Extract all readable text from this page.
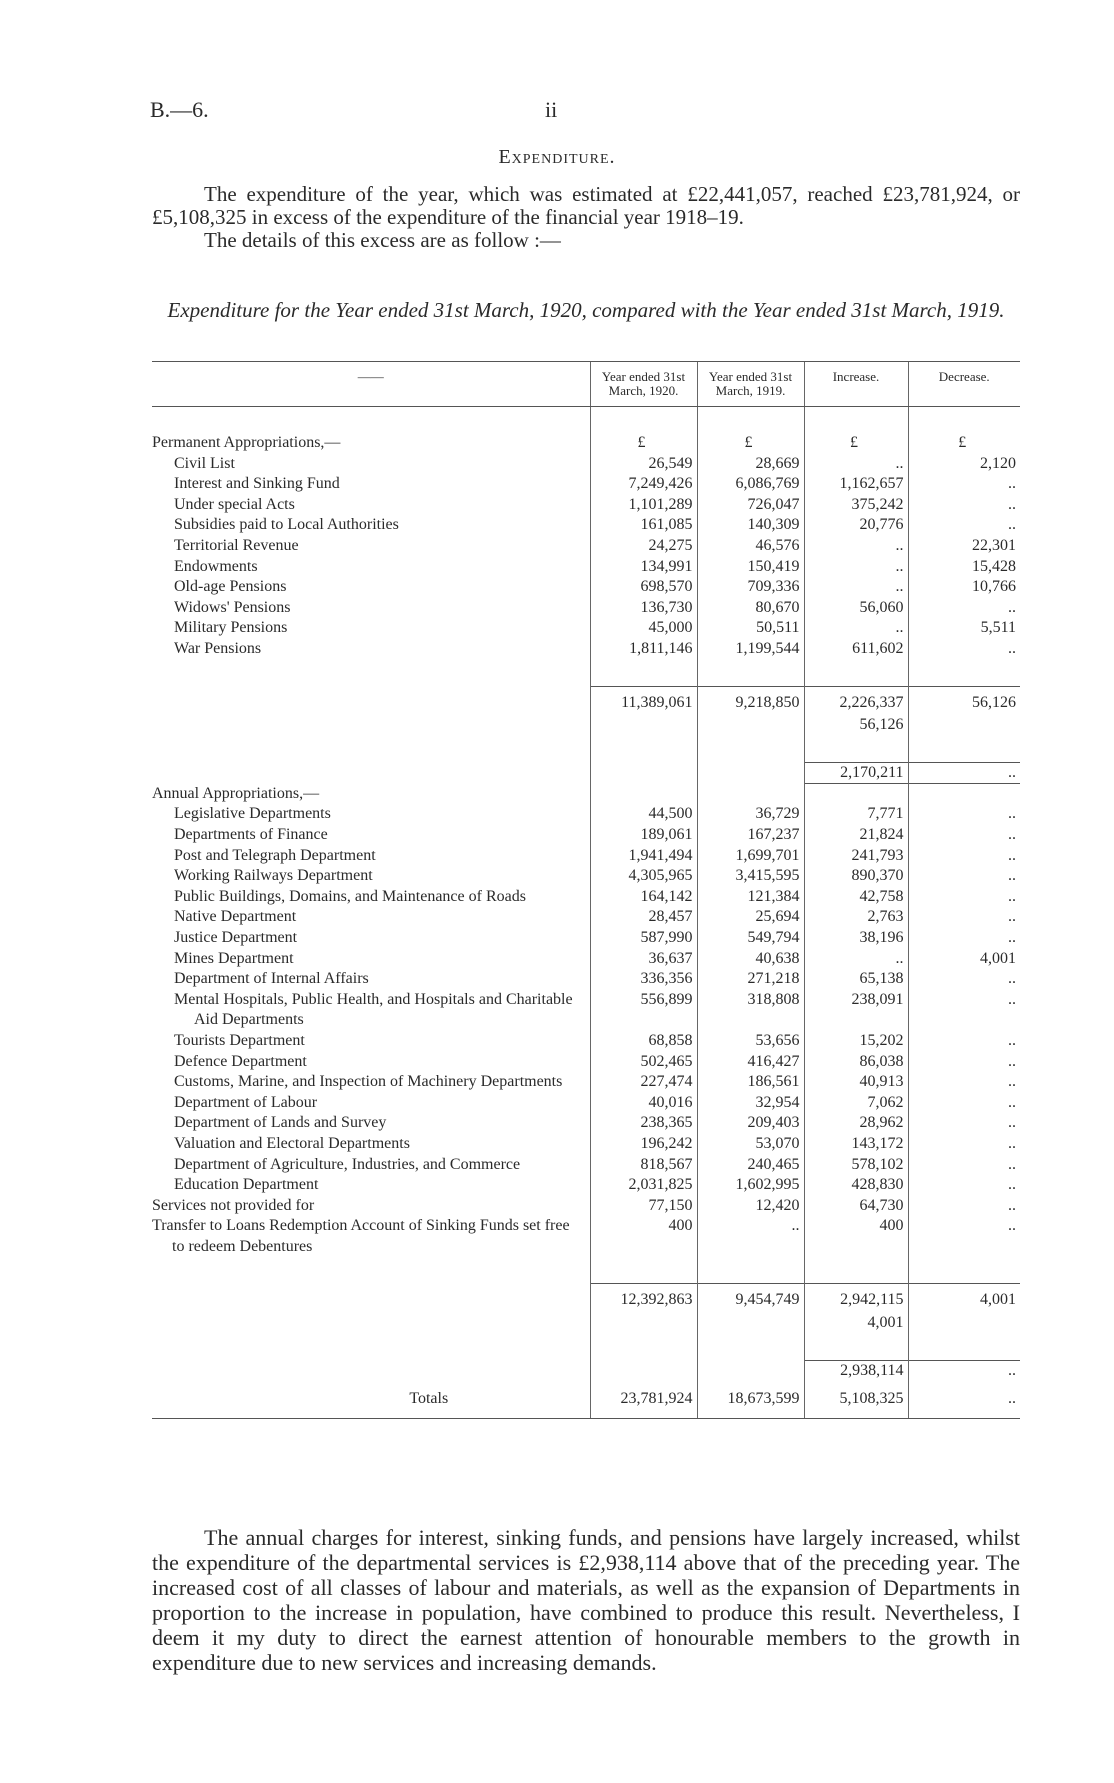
B.—6.	ii
Expenditure.

The expenditure of the year, which was estimated at £22,441,057, reached £23,781,924, or £5,108,325 in excess of the expenditure of the financial year 1918–19.

The details of this excess are as follow :—

Expenditure for the Year ended 31st March, 1920, compared with the Year ended 31st March, 1919.
——	Year ended 31st March, 1920.	Year ended 31st March, 1919.	Increase.	Decrease.

Permanent Appropriations,—	£	£	£	£
Civil List	26,549	28,669	..	2,120
Interest and Sinking Fund	7,249,426	6,086,769	1,162,657	..
Under special Acts	1,101,289	726,047	375,242	..
Subsidies paid to Local Authorities	161,085	140,309	20,776	..
Territorial Revenue	24,275	46,576	..	22,301
Endowments	134,991	150,419	..	15,428
Old-age Pensions	698,570	709,336	..	10,766
Widows' Pensions	136,730	80,670	56,060	..
Military Pensions	45,000	50,511	..	5,511
War Pensions	1,811,146	1,199,544	611,602	..

	11,389,061	9,218,850	2,226,337	56,126
			56,126	

			2,170,211	..
Annual Appropriations,—				
Legislative Departments	44,500	36,729	7,771	..
Departments of Finance	189,061	167,237	21,824	..
Post and Telegraph Department	1,941,494	1,699,701	241,793	..
Working Railways Department	4,305,965	3,415,595	890,370	..
Public Buildings, Domains, and Maintenance of Roads	164,142	121,384	42,758	..
Native Department	28,457	25,694	2,763	..
Justice Department	587,990	549,794	38,196	..
Mines Department	36,637	40,638	..	4,001
Department of Internal Affairs	336,356	271,218	65,138	..
Mental Hospitals, Public Health, and Hospitals and Charitable Aid Departments	556,899	318,808	238,091	..
Tourists Department	68,858	53,656	15,202	..
Defence Department	502,465	416,427	86,038	..
Customs, Marine, and Inspection of Machinery Departments	227,474	186,561	40,913	..
Department of Labour	40,016	32,954	7,062	..
Department of Lands and Survey	238,365	209,403	28,962	..
Valuation and Electoral Departments	196,242	53,070	143,172	..
Department of Agriculture, Industries, and Commerce	818,567	240,465	578,102	..
Education Department	2,031,825	1,602,995	428,830	..
Services not provided for	77,150	12,420	64,730	..
Transfer to Loans Redemption Account of Sinking Funds set free to redeem Debentures	400	..	400	..

	12,392,863	9,454,749	2,942,115	4,001
			4,001	

			2,938,114	..
Totals	23,781,924	18,673,599	5,108,325	..

The annual charges for interest, sinking funds, and pensions have largely increased, whilst the expenditure of the departmental services is £2,938,114 above that of the preceding year. The increased cost of all classes of labour and materials, as well as the expansion of Departments in proportion to the increase in population, have combined to produce this result. Nevertheless, I deem it my duty to direct the earnest attention of honourable members to the growth in expenditure due to new services and increasing demands.
